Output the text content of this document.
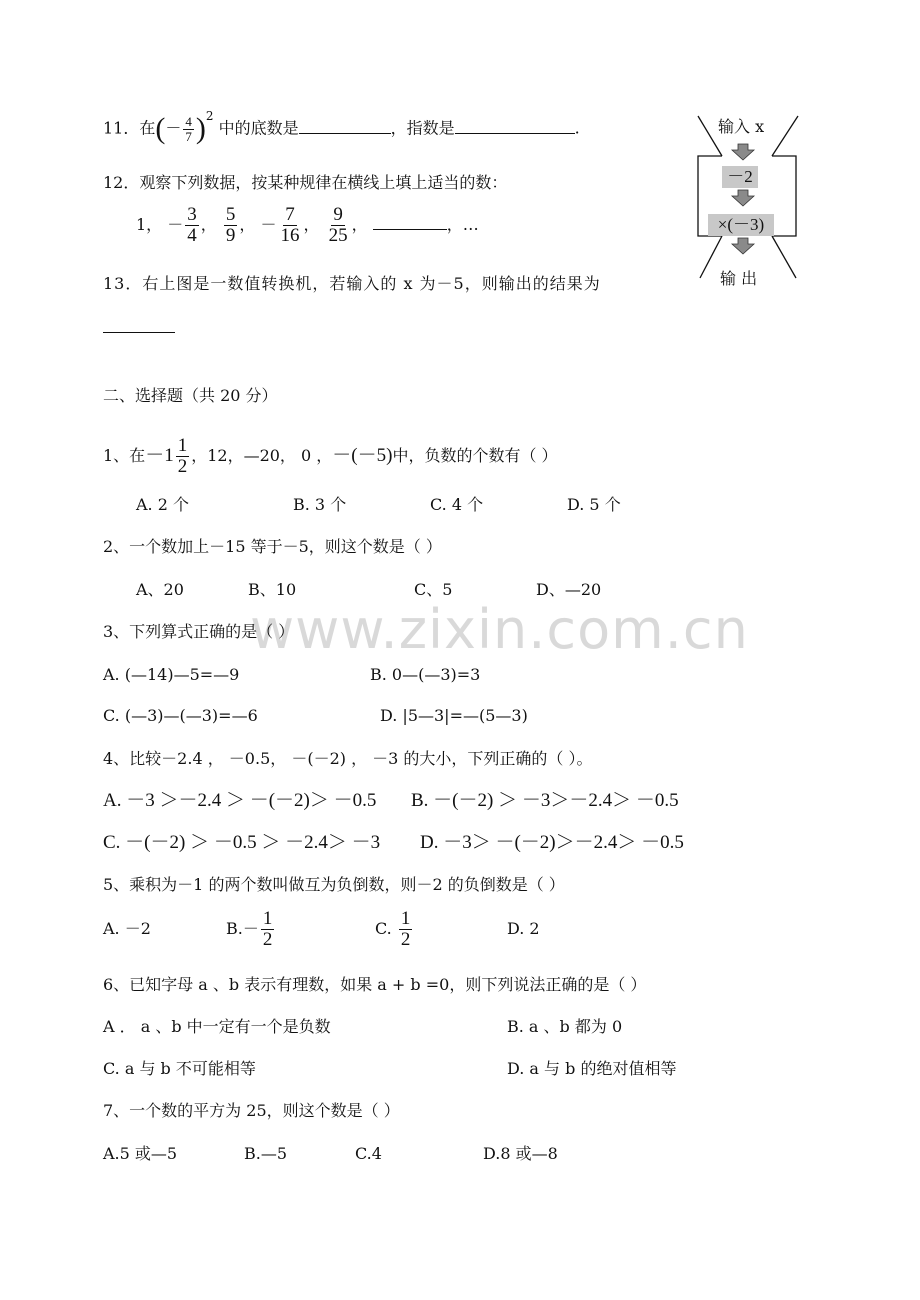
www.zixin.com.cn
11．在(－ $\frac{4}{7} )^2$ 中的底数是	，指数是	.
12．观察下列数据，按某种规律在横线上填上适当的数：
1， － $\frac{3}{4}$ ， $\frac{5}{9}$ ， － $\frac{7}{16}$ ， $\frac{9}{25}$ ，	，…
13．右上图是一数值转换机，若输入的 x 为－5，则输出的结果为
输入 x
－2
×(－3)
输 出
二、选择题（共 20 分）
1、在$-1 \frac{1}{2}$ ，12，—20， 0 ，－(－5)中，负数的个数有（ ）
A. 2 个	B. 3 个	C. 4 个	D. 5 个
2、一个数加上－15 等于－5，则这个数是（ ）
A、20	B、10	C、5	D、—20
3、下列算式正确的是（ ）
A. (—14)—5=—9	B. 0—(—3)=3
C. (—3)—(—3)=—6	D. |5—3|=—(5—3)
4、比较－2.4 ， －0.5， －(－2) ， －3 的大小，下列正确的（ ）。
A. －3 ＞－2.4 ＞ －(－2)＞ －0.5 B. －(－2) ＞ －3＞－2.4＞ －0.5
C. －(－2) ＞ －0.5 ＞ －2.4＞ －3 D. －3＞ －(－2)＞－2.4＞ －0.5
5、乘积为－1 的两个数叫做互为负倒数，则－2 的负倒数是（ ）
A. －2	$B.- \frac{1}{2}$	C. $\frac{1}{2}$	D. 2
6、已知字母 a 、b 表示有理数，如果 a + b =0，则下列说法正确的是（ ）
A ． a 、b 中一定有一个是负数	B. a 、b 都为 0
C. a 与 b 不可能相等	D. a 与 b 的绝对值相等
7、一个数的平方为 25，则这个数是（ ）
A.5 或—5	B.—5	C.4	D.8 或—8
